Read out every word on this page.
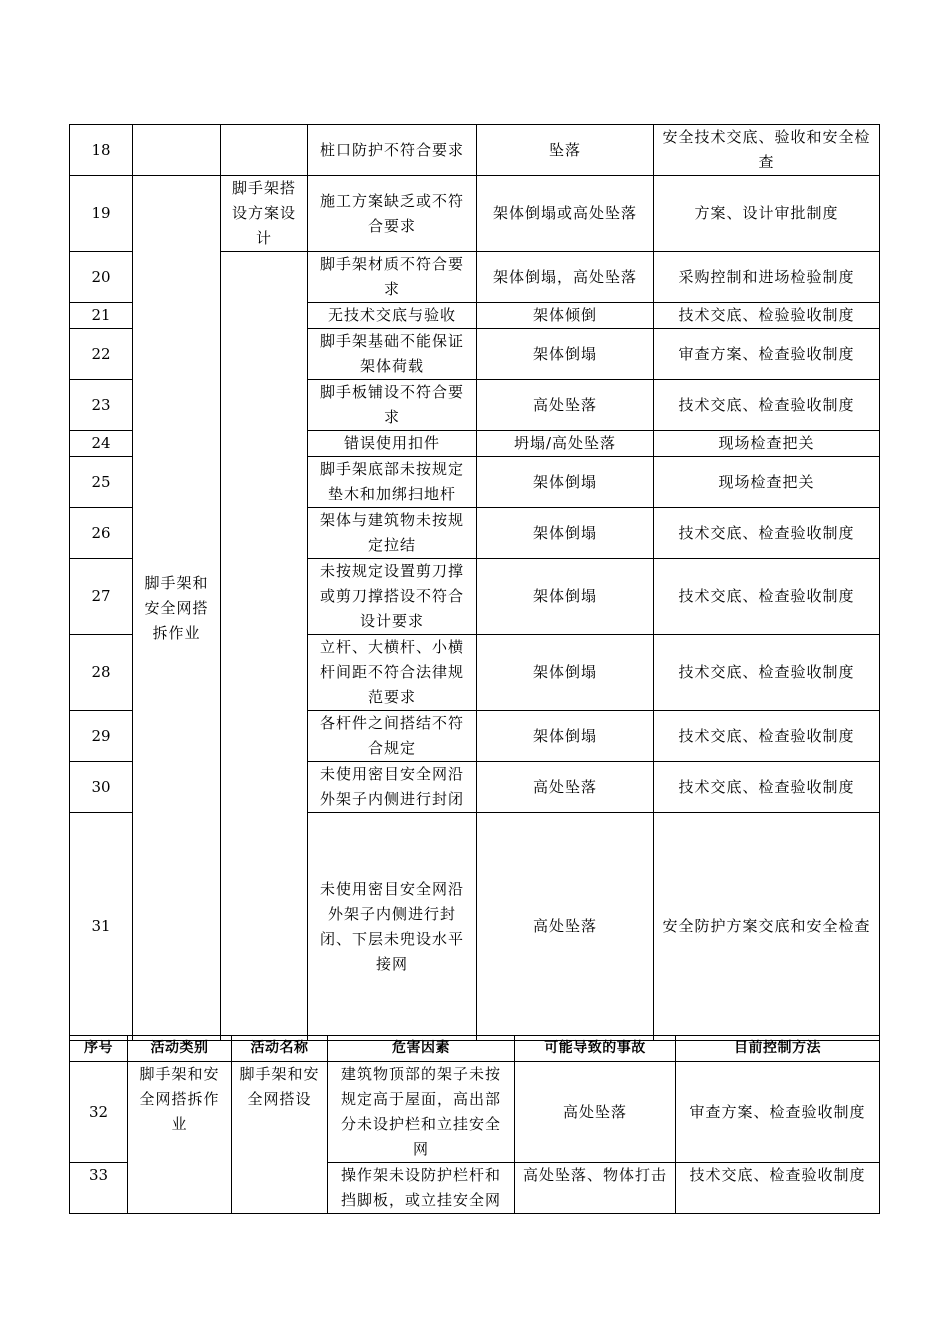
18			桩口防护不符合要求	坠落	安全技术交底、验收和安全检查
19	脚手架和安全网搭拆作业	脚手架搭设方案设计	施工方案缺乏或不符合要求	架体倒塌或高处坠落	方案、设计审批制度
20			脚手架材质不符合要求	架体倒塌，高处坠落	采购控制和进场检验制度
21			无技术交底与验收	架体倾倒	技术交底、检验验收制度
22			脚手架基础不能保证架体荷载	架体倒塌	审查方案、检查验收制度
23			脚手板铺设不符合要求	高处坠落	技术交底、检查验收制度
24			错误使用扣件	坍塌/高处坠落	现场检查把关
25			脚手架底部未按规定垫木和加绑扫地杆	架体倒塌	现场检查把关
26			架体与建筑物未按规定拉结	架体倒塌	技术交底、检查验收制度
27			未按规定设置剪刀撑或剪刀撑搭设不符合设计要求	架体倒塌	技术交底、检查验收制度
28			立杆、大横杆、小横杆间距不符合法律规范要求	架体倒塌	技术交底、检查验收制度
29			各杆件之间搭结不符合规定	架体倒塌	技术交底、检查验收制度
30			未使用密目安全网沿外架子内侧进行封闭	高处坠落	技术交底、检查验收制度
31			未使用密目安全网沿外架子内侧进行封闭、下层未兜设水平接网	高处坠落	安全防护方案交底和安全检查
序号	活动类别	活动名称	危害因素	可能导致的事故	目前控制方法
32	脚手架和安全网搭拆作业	脚手架和安全网搭设	建筑物顶部的架子未按规定高于屋面，高出部分未设护栏和立挂安全网	高处坠落	审查方案、检查验收制度
33			操作架未设防护栏杆和挡脚板，或立挂安全网	高处坠落、物体打击	技术交底、检查验收制度
